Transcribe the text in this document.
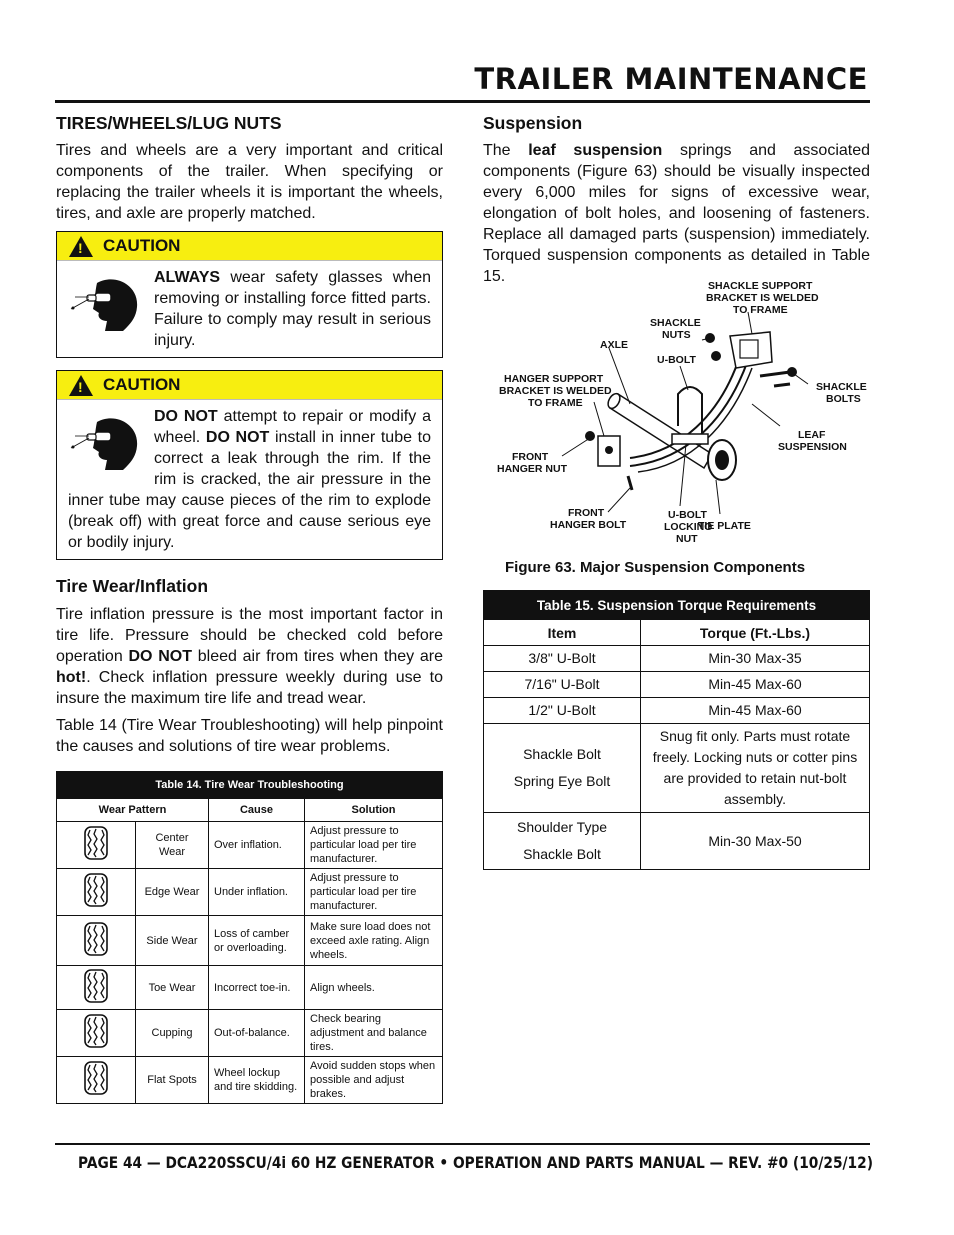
TRAILER MAINTENANCE
TIRES/WHEELS/LUG NUTS

Tires and wheels are a very important and critical components of the trailer. When specifying or replacing the trailer wheels it is important the wheels, tires, and axle are properly matched.

! CAUTION

ALWAYS wear safety glasses when removing or installing force fitted parts. Failure to comply may result in serious injury.

! CAUTION

DO NOT attempt to repair or modify a wheel. DO NOT install in inner tube to correct a leak through the rim. If the rim is cracked, the air pressure in the inner tube may cause pieces of the rim to explode (break off) with great force and cause serious eye or bodily injury.

Tire Wear/Inflation

Tire inflation pressure is the most important factor in tire life. Pressure should be checked cold before operation DO NOT bleed air from tires when they are hot!. Check inflation pressure weekly during use to insure the maximum tire life and tread wear.

Table 14 (Tire Wear Troubleshooting) will help pinpoint the causes and solutions of tire wear problems.

Table 14. Tire Wear Troubleshooting			
Wear Pattern		Cause	Solution
	Center Wear	Over inflation.	Adjust pressure to particular load per tire manufacturer.
	Edge Wear	Under inflation.	Adjust pressure to particular load per tire manufacturer.
	Side Wear	Loss of camber or overloading.	Make sure load does not exceed axle rating. Align wheels.
	Toe Wear	Incorrect toe-in.	Align wheels.
	Cupping	Out-of-balance.	Check bearing adjustment and balance tires.
	Flat Spots	Wheel lockup and tire skidding.	Avoid sudden stops when possible and adjust brakes.
Suspension

The leaf suspension springs and associated components (Figure 63) should be visually inspected every 6,000 miles for signs of excessive wear, elongation of bolt holes, and loosening of fasteners. Replace all damaged parts (suspension) immediately. Torqued suspension components as detailed in Table 15.

SHACKLE SUPPORT
BRACKET IS WELDED
TO FRAME
SHACKLE
NUTS
AXLE
U-BOLT
HANGER SUPPORT
BRACKET IS WELDED
TO FRAME
SHACKLE
BOLTS
LEAF
SUSPENSION
FRONT
HANGER NUT
FRONT
HANGER BOLT
U-BOLT
LOCKING
NUT
TIE PLATE
Figure 63. Major Suspension Components
Table 15. Suspension Torque Requirements	
Item	Torque (Ft.-Lbs.)
3/8" U-Bolt	Min-30 Max-35
7/16" U-Bolt	Min-45 Max-60
1/2" U-Bolt	Min-45 Max-60
Shackle Bolt
Spring Eye Bolt	Snug fit only. Parts must rotate freely. Locking nuts or cotter pins are provided to retain nut-bolt assembly.
Shoulder Type
Shackle Bolt	Min-30 Max-50
PAGE 44 — DCA220SSCU/4i 60 HZ GENERATOR • OPERATION AND PARTS MANUAL — REV. #0 (10/25/12)
